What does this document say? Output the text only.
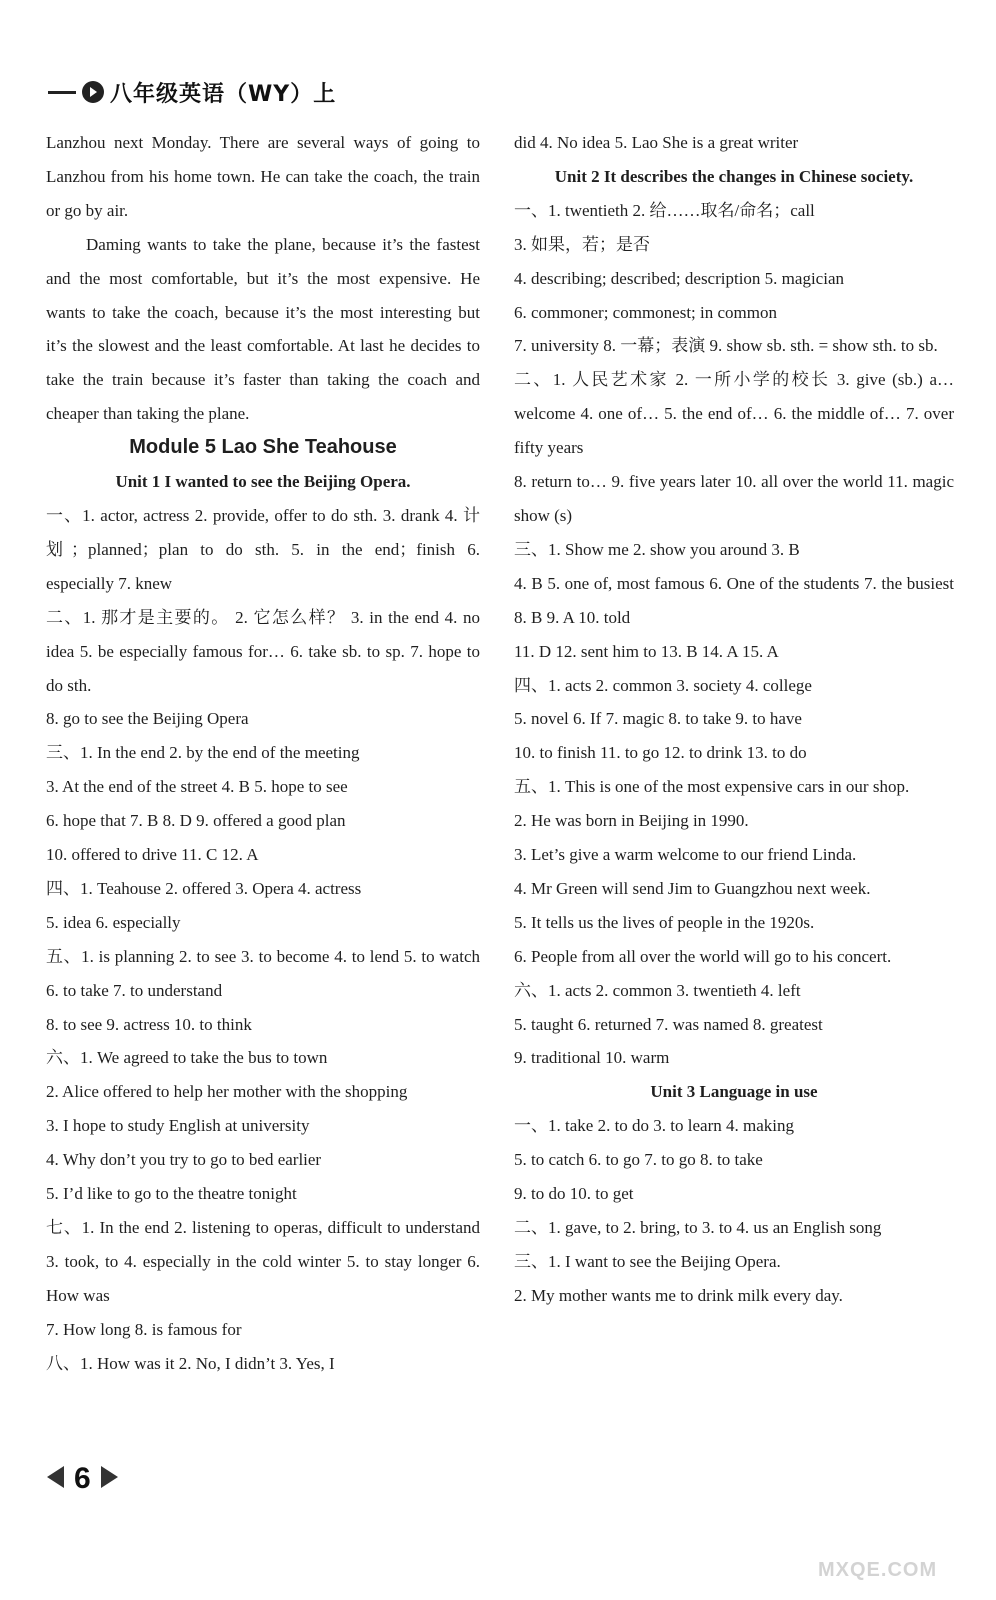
八年级英语（WY）上

Lanzhou next Monday. There are several ways of going to Lanzhou from his home town. He can take the coach, the train or go by air.

Daming wants to take the plane, because it’s the fastest and the most comfortable, but it’s the most expensive. He wants to take the coach, because it’s the most interesting but it’s the slowest and the least comfortable. At last he decides to take the train because it’s faster than taking the coach and cheaper than taking the plane.

Module 5 Lao She Teahouse

Unit 1 I wanted to see the Beijing Opera.

一、1. actor, actress 2. provide, offer to do sth. 3. drank 4. 计划；planned；plan to do sth. 5. in the end；finish 6. especially 7. knew

二、1. 那才是主要的。 2. 它怎么样？ 3. in the end 4. no idea 5. be especially famous for… 6. take sb. to sp. 7. hope to do sth.

8. go to see the Beijing Opera

三、1. In the end 2. by the end of the meeting

3. At the end of the street 4. B 5. hope to see

6. hope that 7. B 8. D 9. offered a good plan

10. offered to drive 11. C 12. A

四、1. Teahouse 2. offered 3. Opera 4. actress

5. idea 6. especially

五、1. is planning 2. to see 3. to become 4. to lend 5. to watch 6. to take 7. to understand

8. to see 9. actress 10. to think

六、1. We agreed to take the bus to town

2. Alice offered to help her mother with the shopping

3. I hope to study English at university

4. Why don’t you try to go to bed earlier

5. I’d like to go to the theatre tonight

七、1. In the end 2. listening to operas, difficult to understand 3. took, to 4. especially in the cold winter 5. to stay longer 6. How was

7. How long 8. is famous for

八、1. How was it 2. No, I didn’t 3. Yes, I

did 4. No idea 5. Lao She is a great writer

Unit 2 It describes the changes in Chinese society.

一、1. twentieth 2. 给……取名/命名；call

3. 如果，若；是否

4. describing; described; description 5. magician

6. commoner; commonest; in common

7. university 8. 一幕；表演 9. show sb. sth. = show sth. to sb.

二、1. 人民艺术家 2. 一所小学的校长 3. give (sb.) a… welcome 4. one of… 5. the end of… 6. the middle of… 7. over fifty years

8. return to… 9. five years later 10. all over the world 11. magic show (s)

三、1. Show me 2. show you around 3. B

4. B 5. one of, most famous 6. One of the students 7. the busiest 8. B 9. A 10. told

11. D 12. sent him to 13. B 14. A 15. A

四、1. acts 2. common 3. society 4. college

5. novel 6. If 7. magic 8. to take 9. to have

10. to finish 11. to go 12. to drink 13. to do

五、1. This is one of the most expensive cars in our shop.

2. He was born in Beijing in 1990.

3. Let’s give a warm welcome to our friend Linda.

4. Mr Green will send Jim to Guangzhou next week.

5. It tells us the lives of people in the 1920s.

6. People from all over the world will go to his concert.

六、1. acts 2. common 3. twentieth 4. left

5. taught 6. returned 7. was named 8. greatest

9. traditional 10. warm

Unit 3 Language in use

一、1. take 2. to do 3. to learn 4. making

5. to catch 6. to go 7. to go 8. to take

9. to do 10. to get

二、1. gave, to 2. bring, to 3. to 4. us an English song

三、1. I want to see the Beijing Opera.

2. My mother wants me to drink milk every day.

6
MXQE.COM
